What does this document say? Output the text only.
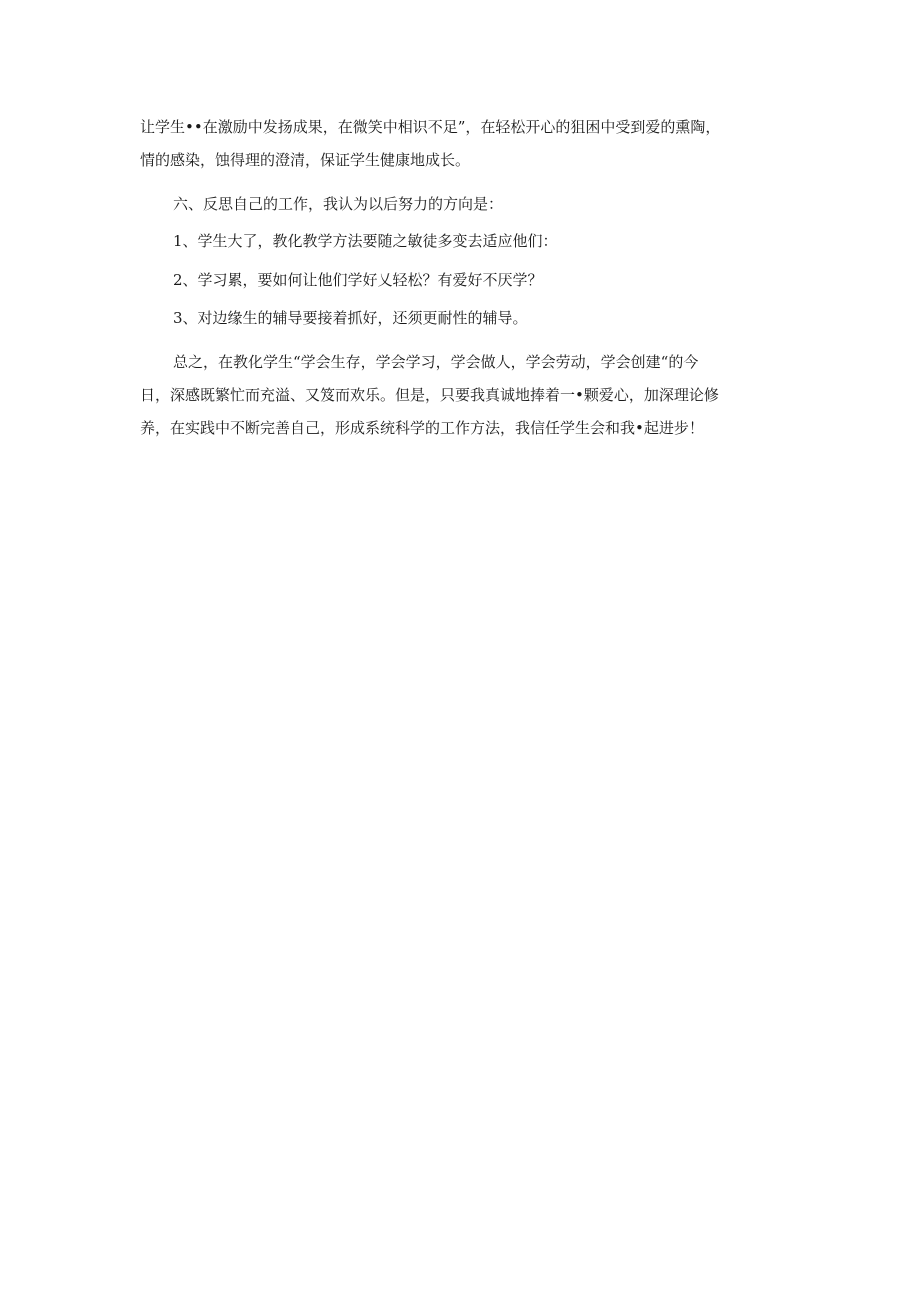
让学生••在激励中发扬成果，在微笑中相识不足”，在轻松开心的狙困中受到爱的熏陶，
情的感染，蚀得理的澄清，保证学生健康地成长。

六、反思自己的工作，我认为以后努力的方向是：

1、学生大了，教化教学方法要随之敏徒多变去适应他们：

2、学习累，要如何让他们学好乂轻松？有爱好不厌学？

3、对边缘生的辅导要接着抓好，还须更耐性的辅导。

总之，在教化学生“学会生存，学会学习，学会做人，学会劳动，学会创建“的今
日，深感既繁忙而充溢、又笈而欢乐。但是，只要我真诚地捧着一•颗爱心，加深理论修
养，在实践中不断完善自己，形成系统科学的工作方法，我信任学生会和我•起进步！
